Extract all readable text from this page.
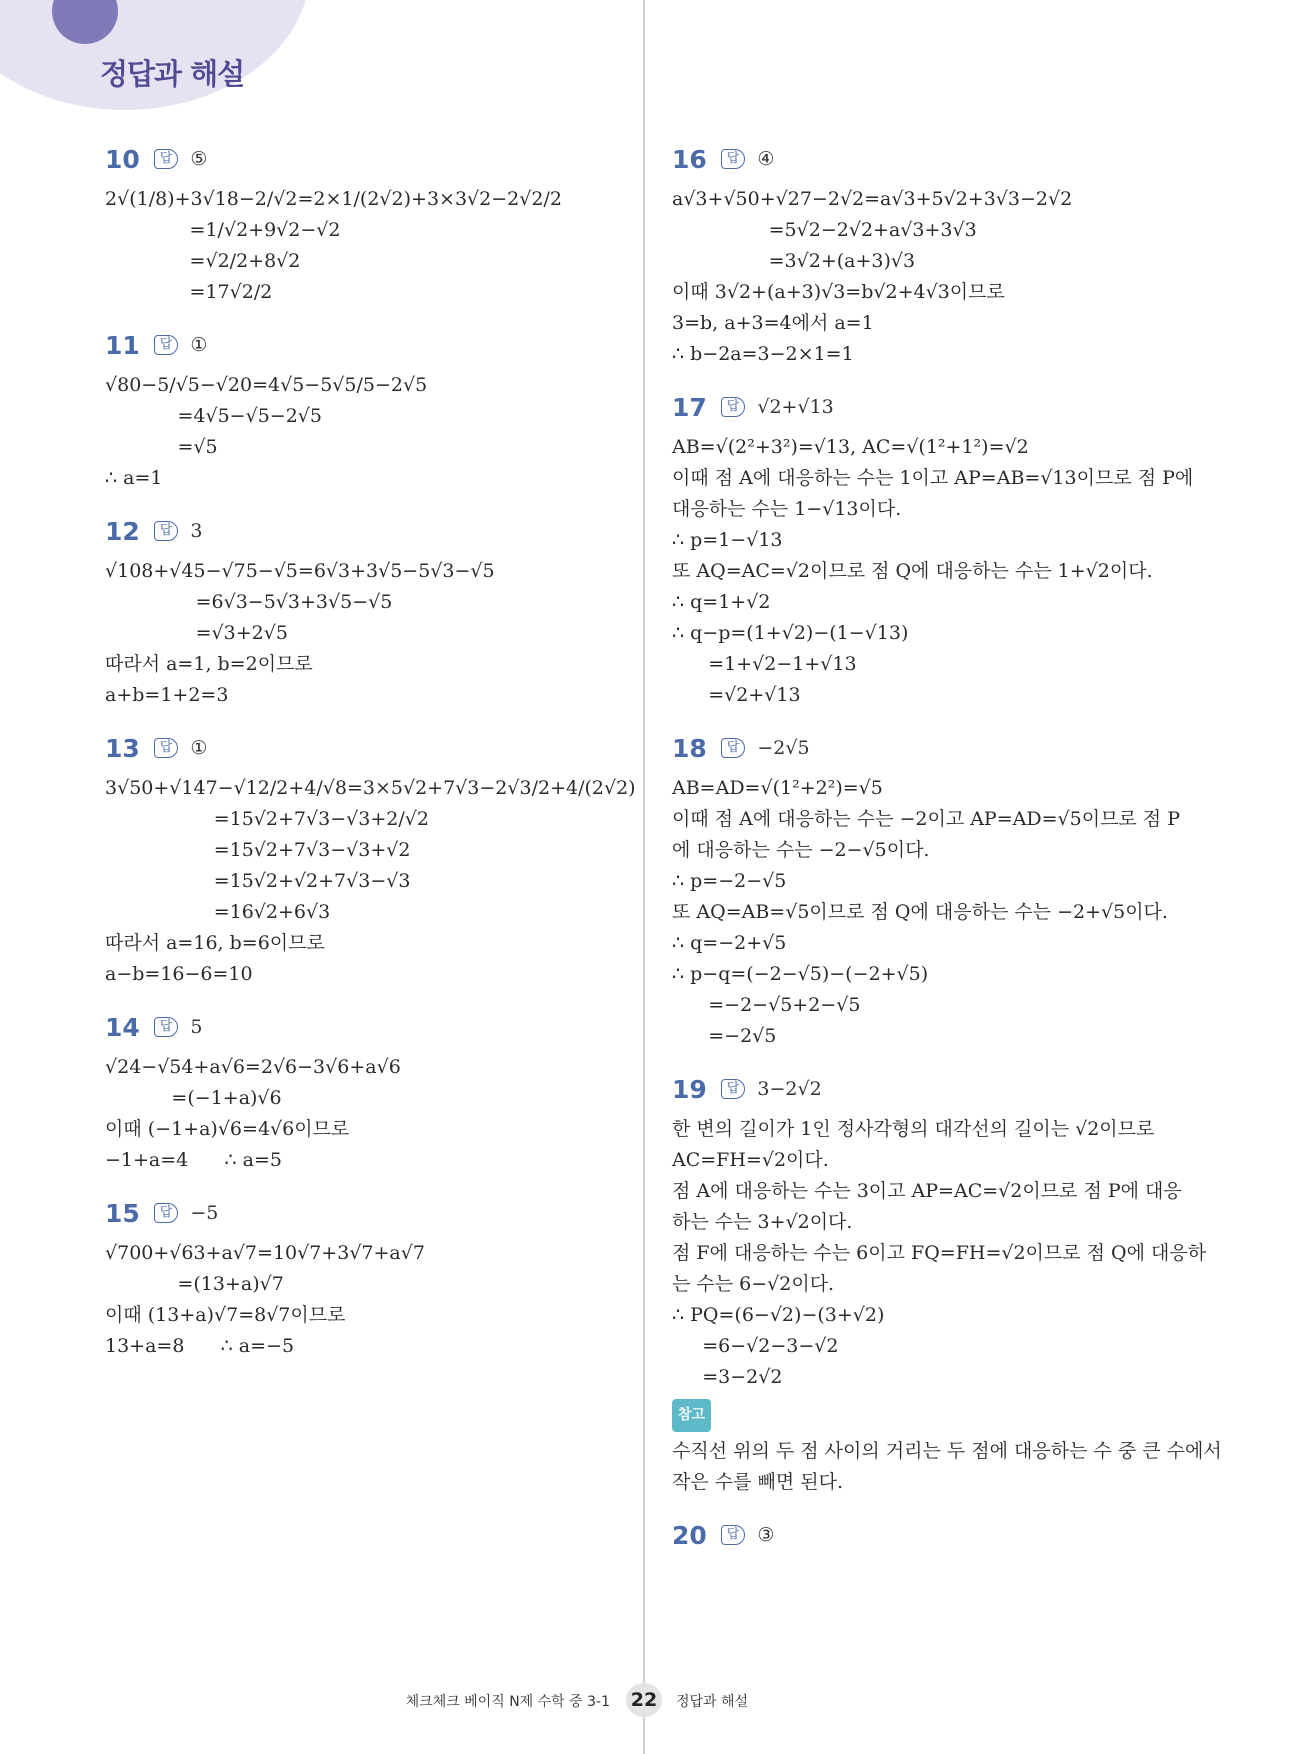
정답과 해설
10	답 ⑤
2√(1/8)+3√18−2/√2=2×1/(2√2)+3×3√2−2√2/2
=1/√2+9√2−√2
=√2/2+8√2
=17√2/2
11	답 ①
√80−5/√5−√20=4√5−5√5/5−2√5
=4√5−√5−2√5
=√5
∴ a=1
12	답 3
√108+√45−√75−√5=6√3+3√5−5√3−√5
=6√3−5√3+3√5−√5
=√3+2√5
따라서 a=1, b=2이므로
a+b=1+2=3
13	답 ①
3√50+√147−√12/2+4/√8=3×5√2+7√3−2√3/2+4/(2√2)
=15√2+7√3−√3+2/√2
=15√2+7√3−√3+√2
=15√2+√2+7√3−√3
=16√2+6√3
따라서 a=16, b=6이므로
a−b=16−6=10
14	답 5
√24−√54+a√6=2√6−3√6+a√6
=(−1+a)√6
이때 (−1+a)√6=4√6이므로
−1+a=4      ∴ a=5
15	답 −5
√700+√63+a√7=10√7+3√7+a√7
=(13+a)√7
이때 (13+a)√7=8√7이므로
13+a=8      ∴ a=−5
16	답 ④
a√3+√50+√27−2√2=a√3+5√2+3√3−2√2
=5√2−2√2+a√3+3√3
=3√2+(a+3)√3
이때 3√2+(a+3)√3=b√2+4√3이므로
3=b, a+3=4에서 a=1
∴ b−2a=3−2×1=1
17	답 √2+√13
AB=√(2²+3²)=√13, AC=√(1²+1²)=√2
이때 점 A에 대응하는 수는 1이고 AP=AB=√13이므로 점 P에
대응하는 수는 1−√13이다.
∴ p=1−√13
또 AQ=AC=√2이므로 점 Q에 대응하는 수는 1+√2이다.
∴ q=1+√2
∴ q−p=(1+√2)−(1−√13)
=1+√2−1+√13
=√2+√13
18	답 −2√5
AB=AD=√(1²+2²)=√5
이때 점 A에 대응하는 수는 −2이고 AP=AD=√5이므로 점 P
에 대응하는 수는 −2−√5이다.
∴ p=−2−√5
또 AQ=AB=√5이므로 점 Q에 대응하는 수는 −2+√5이다.
∴ q=−2+√5
∴ p−q=(−2−√5)−(−2+√5)
=−2−√5+2−√5
=−2√5
19	답 3−2√2
한 변의 길이가 1인 정사각형의 대각선의 길이는 √2이므로
AC=FH=√2이다.
점 A에 대응하는 수는 3이고 AP=AC=√2이므로 점 P에 대응
하는 수는 3+√2이다.
점 F에 대응하는 수는 6이고 FQ=FH=√2이므로 점 Q에 대응하
는 수는 6−√2이다.
∴ PQ=(6−√2)−(3+√2)
=6−√2−3−√2
=3−2√2
참고
수직선 위의 두 점 사이의 거리는 두 점에 대응하는 수 중 큰 수에서
작은 수를 빼면 된다.
20	답 ③
체크체크 베이직 N제 수학 중 3-1 22	정답과 해설
